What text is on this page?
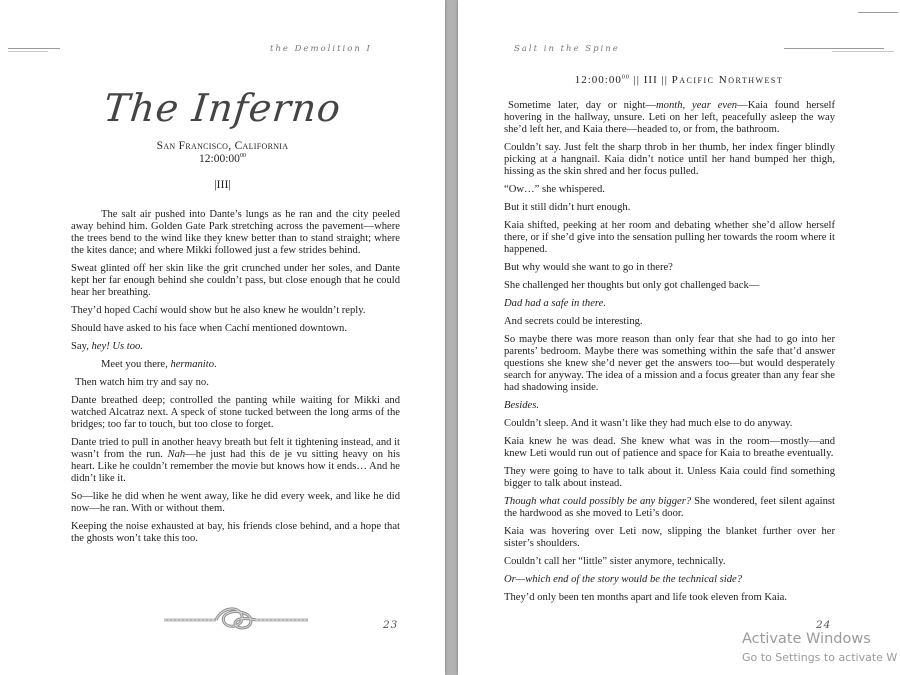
the Demolition I
The Inferno
San Francisco, California
$12:00:00^{00}$
|III|

The salt air pushed into Dante’s lungs as he ran and the city peeled away behind him. Golden Gate Park stretching across the pavement—where the trees bend to the wind like they knew better than to stand straight; where the kites dance; and where Mikki followed just a few strides behind.

Sweat glinted off her skin like the grit crunched under her soles, and Dante kept her far enough behind she couldn’t pass, but close enough that he could hear her breathing.

They’d hoped Cachí would show but he also knew he wouldn’t reply.

Should have asked to his face when Cachí mentioned downtown.

Say, hey! Us too.

Meet you there, hermanito.

Then watch him try and say no.

Dante breathed deep; controlled the panting while waiting for Mikki and watched Alcatraz next. A speck of stone tucked between the long arms of the bridges; too far to touch, but too close to forget.

Dante tried to pull in another heavy breath but felt it tightening instead, and it wasn’t from the run. Nah—he just had this de je vu sitting heavy on his heart. Like he couldn’t remember the movie but knows how it ends… And he didn’t like it.

So—like he did when he went away, like he did every week, and like he did now—he ran. With or without them.

Keeping the noise exhausted at bay, his friends close behind, and a hope that the ghosts won’t take this too.

23
Salt in the Spine
$12:00:00^{00}$ || III || Pacific Northwest

Sometime later, day or night—month, year even—Kaia found herself hovering in the hallway, unsure. Leti on her left, peacefully asleep the way she’d left her, and Kaia there—headed to, or from, the bathroom.

Couldn’t say. Just felt the sharp throb in her thumb, her index finger blindly picking at a hangnail. Kaia didn’t notice until her hand bumped her thigh, hissing as the skin shred and her focus pulled.

“Ow…” she whispered.

But it still didn’t hurt enough.

Kaia shifted, peeking at her room and debating whether she’d allow herself there, or if she’d give into the sensation pulling her towards the room where it happened.

But why would she want to go in there?

She challenged her thoughts but only got challenged back—

Dad had a safe in there.

And secrets could be interesting.

So maybe there was more reason than only fear that she had to go into her parents’ bedroom. Maybe there was something within the safe that’d answer questions she knew she’d never get the answers too—but would desperately search for anyway. The idea of a mission and a focus greater than any fear she had shadowing inside.

Besides.

Couldn’t sleep. And it wasn’t like they had much else to do anyway.

Kaia knew he was dead. She knew what was in the room—mostly—and knew Leti would run out of patience and space for Kaia to breathe eventually.

They were going to have to talk about it. Unless Kaia could find something bigger to talk about instead.

Though what could possibly be any bigger? She wondered, feet silent against the hardwood as she moved to Leti’s door.

Kaia was hovering over Leti now, slipping the blanket further over her sister’s shoulders.

Couldn’t call her “little” sister anymore, technically.

Or—which end of the story would be the technical side?

They’d only been ten months apart and life took eleven from Kaia.

24
Activate Windows
Go to Settings to activate W
